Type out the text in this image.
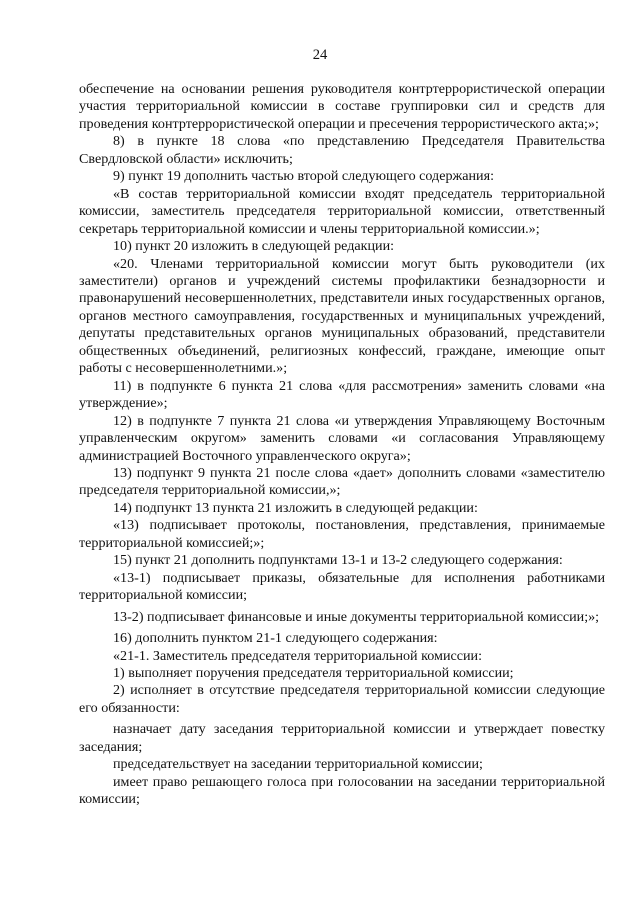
24

обеспечение на основании решения руководителя контртеррористической операции участия территориальной комиссии в составе группировки сил и средств для проведения контртеррористической операции и пресечения террористического акта;»;

8) в пункте 18 слова «по представлению Председателя Правительства Свердловской области» исключить;

9) пункт 19 дополнить частью второй следующего содержания:

«В состав территориальной комиссии входят председатель территориальной комиссии, заместитель председателя территориальной комиссии, ответственный секретарь территориальной комиссии и члены территориальной комиссии.»;

10) пункт 20 изложить в следующей редакции:

«20. Членами территориальной комиссии могут быть руководители (их заместители) органов и учреждений системы профилактики безнадзорности и правонарушений несовершеннолетних, представители иных государственных органов, органов местного самоуправления, государственных и муниципальных учреждений, депутаты представительных органов муниципальных образований, представители общественных объединений, религиозных конфессий, граждане, имеющие опыт работы с несовершеннолетними.»;

11) в подпункте 6 пункта 21 слова «для рассмотрения» заменить словами «на утверждение»;

12) в подпункте 7 пункта 21 слова «и утверждения Управляющему Восточным управленческим округом» заменить словами «и согласования Управляющему администрацией Восточного управленческого округа»;

13) подпункт 9 пункта 21 после слова «дает» дополнить словами «заместителю председателя территориальной комиссии,»;

14) подпункт 13 пункта 21 изложить в следующей редакции:

«13) подписывает протоколы, постановления, представления, принимаемые территориальной комиссией;»;

15) пункт 21 дополнить подпунктами 13-1 и 13-2 следующего содержания:

«13-1) подписывает приказы, обязательные для исполнения работниками территориальной комиссии;

13-2) подписывает финансовые и иные документы территориальной комиссии;»;

16) дополнить пунктом 21-1 следующего содержания:

«21-1. Заместитель председателя территориальной комиссии:

1) выполняет поручения председателя территориальной комиссии;

2) исполняет в отсутствие председателя территориальной комиссии следующие его обязанности:

назначает дату заседания территориальной комиссии и утверждает повестку заседания;

председательствует на заседании территориальной комиссии;

имеет право решающего голоса при голосовании на заседании территориальной комиссии;
